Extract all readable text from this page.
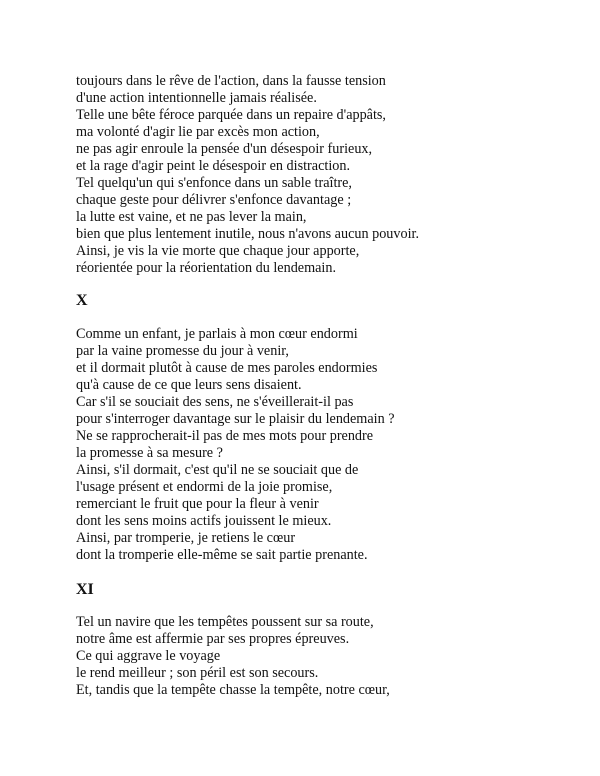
toujours dans le rêve de l'action, dans la fausse tension
d'une action intentionnelle jamais réalisée.
Telle une bête féroce parquée dans un repaire d'appâts,
ma volonté d'agir lie par excès mon action,
ne pas agir enroule la pensée d'un désespoir furieux,
et la rage d'agir peint le désespoir en distraction.
Tel quelqu'un qui s'enfonce dans un sable traître,
chaque geste pour délivrer s'enfonce davantage ;
la lutte est vaine, et ne pas lever la main,
bien que plus lentement inutile, nous n'avons aucun pouvoir.
Ainsi, je vis la vie morte que chaque jour apporte,
réorientée pour la réorientation du lendemain.
X
Comme un enfant, je parlais à mon cœur endormi
par la vaine promesse du jour à venir,
et il dormait plutôt à cause de mes paroles endormies
qu'à cause de ce que leurs sens disaient.
Car s'il se souciait des sens, ne s'éveillerait-il pas
pour s'interroger davantage sur le plaisir du lendemain ?
Ne se rapprocherait-il pas de mes mots pour prendre
la promesse à sa mesure ?
Ainsi, s'il dormait, c'est qu'il ne se souciait que de
l'usage présent et endormi de la joie promise,
remerciant le fruit que pour la fleur à venir
dont les sens moins actifs jouissent le mieux.
Ainsi, par tromperie, je retiens le cœur
dont la tromperie elle-même se sait partie prenante.
XI
Tel un navire que les tempêtes poussent sur sa route,
notre âme est affermie par ses propres épreuves.
Ce qui aggrave le voyage
le rend meilleur ; son péril est son secours.
Et, tandis que la tempête chasse la tempête, notre cœur,
